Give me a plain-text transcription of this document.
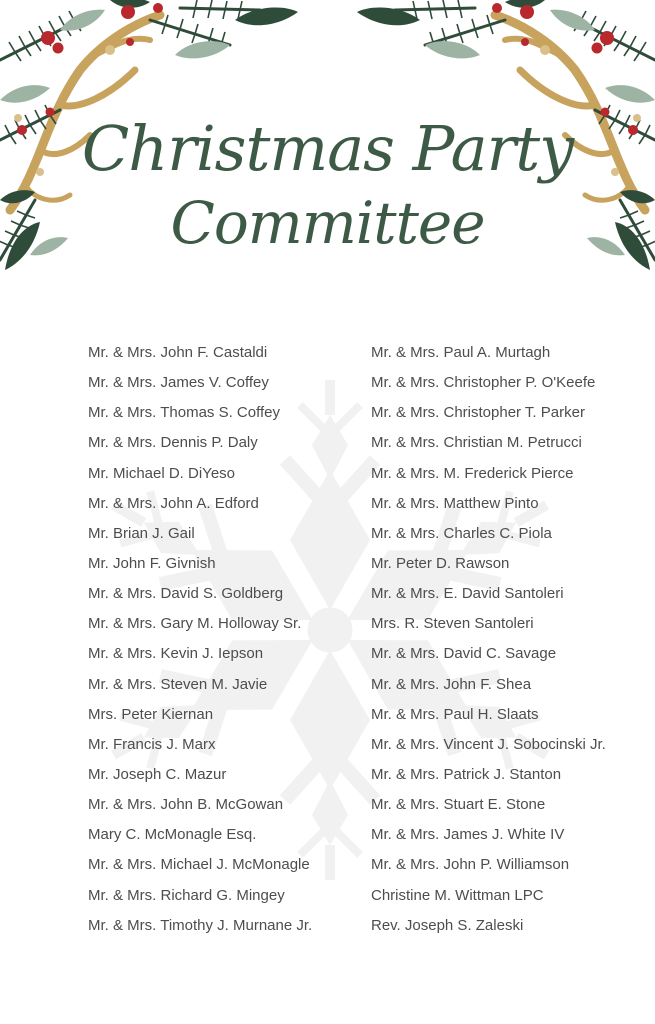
Christmas Party
Committee
Mr. & Mrs. John F. Castaldi
Mr. & Mrs. James V. Coffey
Mr. & Mrs. Thomas S. Coffey
Mr. & Mrs. Dennis P. Daly
Mr. Michael D. DiYeso
Mr. & Mrs. John A. Edford
Mr. Brian J. Gail
Mr. John F. Givnish
Mr. & Mrs. David S. Goldberg
Mr. & Mrs. Gary M. Holloway Sr.
Mr. & Mrs. Kevin J. Iepson
Mr. & Mrs. Steven M. Javie
Mrs. Peter Kiernan
Mr. Francis J. Marx
Mr. Joseph C. Mazur
Mr. & Mrs. John B. McGowan
Mary C. McMonagle Esq.
Mr. & Mrs. Michael J. McMonagle
Mr. & Mrs. Richard G. Mingey
Mr. & Mrs. Timothy J. Murnane Jr.
Mr. & Mrs. Paul A. Murtagh
Mr. & Mrs. Christopher P. O'Keefe
Mr. & Mrs. Christopher T. Parker
Mr. & Mrs. Christian M. Petrucci
Mr. & Mrs. M. Frederick Pierce
Mr. & Mrs. Matthew Pinto
Mr. & Mrs. Charles C. Piola
Mr. Peter D. Rawson
Mr. & Mrs. E. David Santoleri
Mrs. R. Steven Santoleri
Mr. & Mrs. David C. Savage
Mr. & Mrs. John F. Shea
Mr. & Mrs. Paul H. Slaats
Mr. & Mrs. Vincent J. Sobocinski Jr.
Mr. & Mrs. Patrick J. Stanton
Mr. & Mrs. Stuart E. Stone
Mr. & Mrs. James J. White IV
Mr. & Mrs. John P. Williamson
Christine M. Wittman LPC
Rev. Joseph S. Zaleski
